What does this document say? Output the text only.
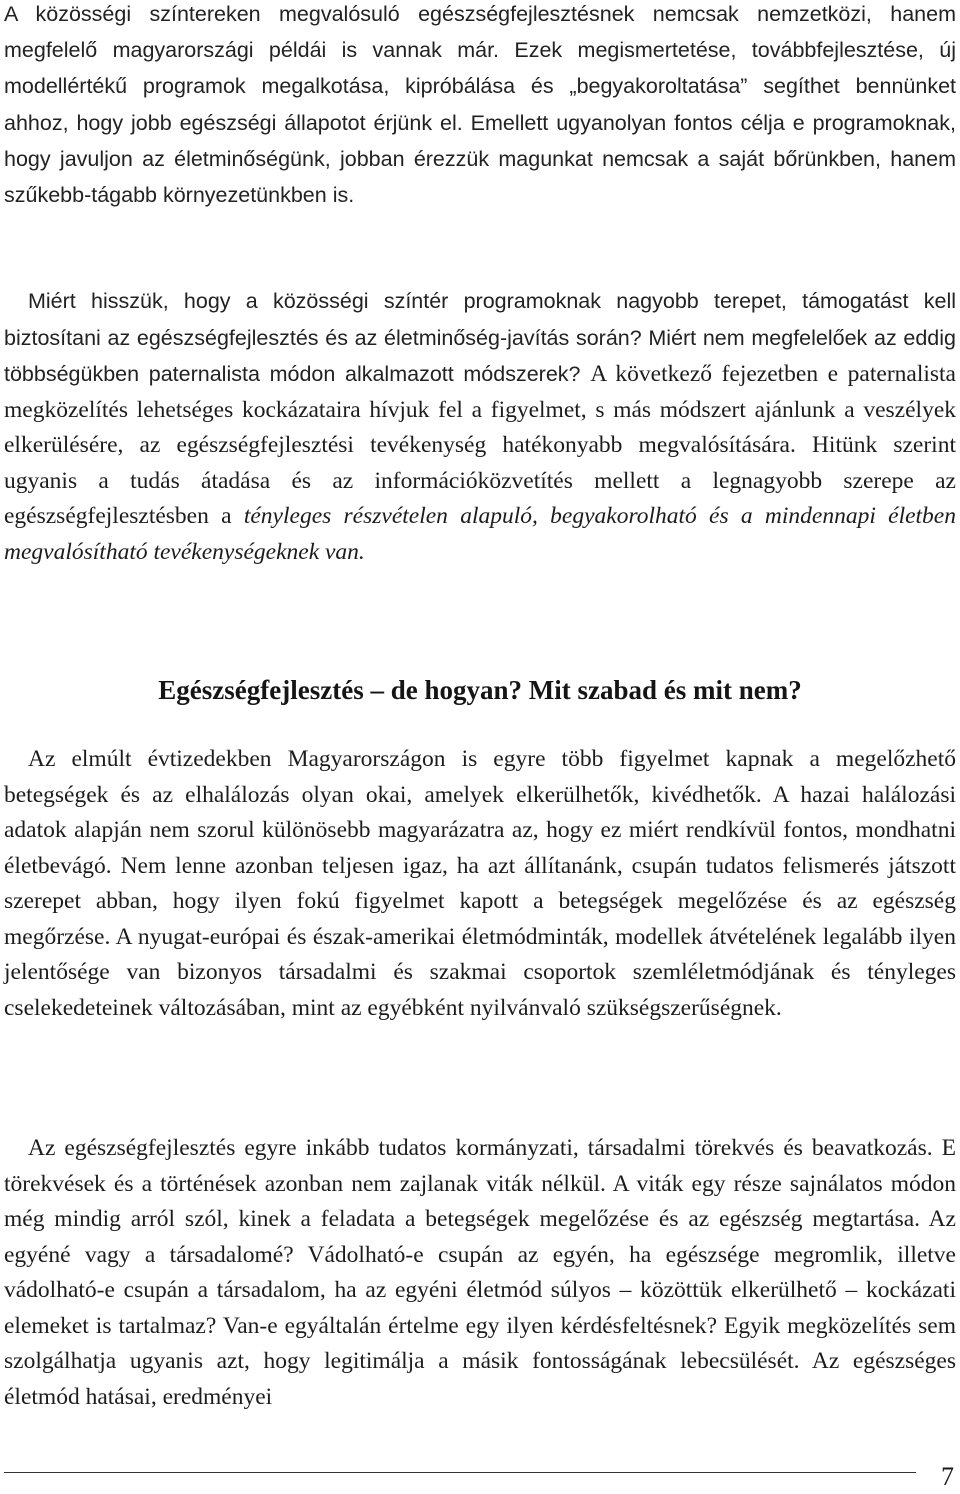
A közösségi színtereken megvalósuló egészségfejlesztésnek nemcsak nemzetközi, hanem megfelelő magyarországi példái is vannak már. Ezek megismertetése, továbbfejlesztése, új modellértékű programok megalkotása, kipróbálása és „begyakoroltatása” segíthet bennünket ahhoz, hogy jobb egészségi állapotot érjünk el. Emellett ugyanolyan fontos célja e programoknak, hogy javuljon az életminőségünk, jobban érezzük magunkat nemcsak a saját bőrünkben, hanem szűkebb-tágabb környezetünkben is.

Miért hisszük, hogy a közösségi színtér programoknak nagyobb terepet, támogatást kell biztosítani az egészségfejlesztés és az életminőség-javítás során? Miért nem megfelelőek az eddig többségükben paternalista módon alkalmazott módszerek? A következő fejezetben e paternalista megközelítés lehetséges kockázataira hívjuk fel a figyelmet, s más módszert ajánlunk a veszélyek elkerülésére, az egészségfejlesztési tevékenység hatékonyabb megvalósítására. Hitünk szerint ugyanis a tudás átadása és az információközvetítés mellett a legnagyobb szerepe az egészségfejlesztésben a tényleges részvételen alapuló, begyakorolható és a mindennapi életben megvalósítható tevékenységeknek van.

Egészségfejlesztés – de hogyan? Mit szabad és mit nem?

Az elmúlt évtizedekben Magyarországon is egyre több figyelmet kapnak a megelőzhető betegségek és az elhalálozás olyan okai, amelyek elkerülhetők, kivédhetők. A hazai halálozási adatok alapján nem szorul különösebb magyarázatra az, hogy ez miért rendkívül fontos, mondhatni életbevágó. Nem lenne azonban teljesen igaz, ha azt állítanánk, csupán tudatos felismerés játszott szerepet abban, hogy ilyen fokú figyelmet kapott a betegségek megelőzése és az egészség megőrzése. A nyugat-európai és észak-amerikai életmódminták, modellek átvételének legalább ilyen jelentősége van bizonyos társadalmi és szakmai csoportok szemléletmódjának és tényleges cselekedeteinek változásában, mint az egyébként nyilvánvaló szükségszerűségnek.

Az egészségfejlesztés egyre inkább tudatos kormányzati, társadalmi törekvés és beavatkozás. E törekvések és a történések azonban nem zajlanak viták nélkül. A viták egy része sajnálatos módon még mindig arról szól, kinek a feladata a betegségek megelőzése és az egészség megtartása. Az egyéné vagy a társadalomé? Vádolható-e csupán az egyén, ha egészsége megromlik, illetve vádolható-e csupán a társadalom, ha az egyéni életmód súlyos – közöttük elkerülhető – kockázati elemeket is tartalmaz? Van-e egyáltalán értelme egy ilyen kérdésfeltésnek? Egyik megközelítés sem szolgálhatja ugyanis azt, hogy legitimálja a másik fontosságának lebecsülését. Az egészséges életmód hatásai, eredményei

7
